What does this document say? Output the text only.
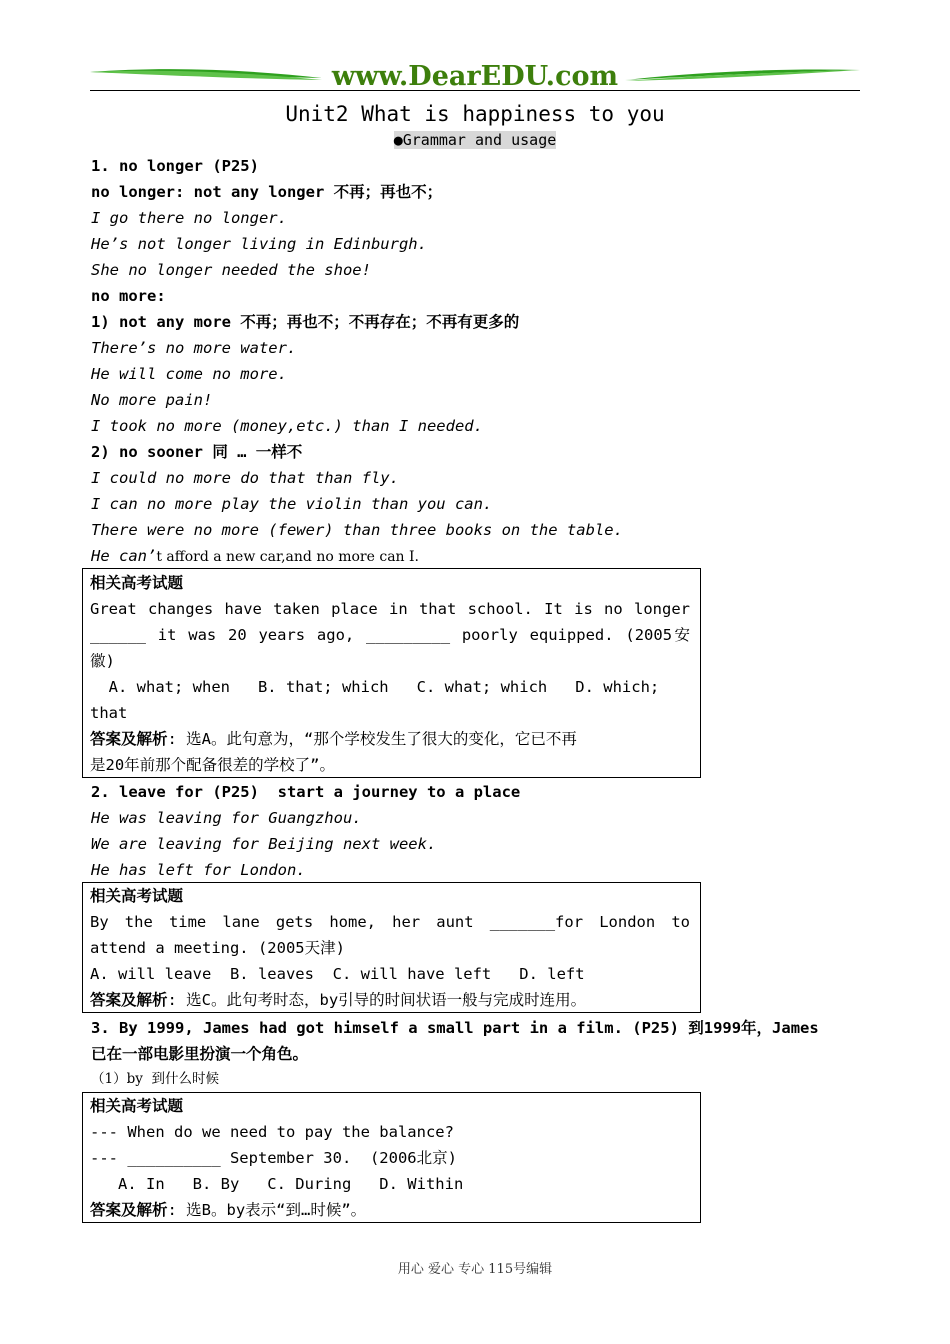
www.DearEDU.com
Unit2 What is happiness to you
●Grammar and usage
1. no longer (P25)
no longer: not any longer 不再；再也不；
I go there no longer.
He’s not longer living in Edinburgh.
She no longer needed the shoe!
no more:
1) not any more 不再；再也不；不再存在；不再有更多的
There’s no more water.
He will come no more.
No more pain!
I took no more (money,etc.) than I needed.
2) no sooner 同 … 一样不
I could no more do that than fly.
I can no more play the violin than you can.
There were no more (fewer) than three books on the table.
He can’t afford a new car,and no more can I.
相关高考试题
Great changes have taken place in that school. It is no longer
______ it was 20 years ago, _________ poorly equipped. (2005安
徽)
A. what; when   B. that; which   C. what; which   D. which;
that
答案及解析: 选A。此句意为，“那个学校发生了很大的变化，它已不再
是20年前那个配备很差的学校了”。
2. leave for (P25)  start a journey to a place
He was leaving for Guangzhou.
We are leaving for Beijing next week.
He has left for London.
相关高考试题
By the time lane gets home, her aunt _______for London to
attend a meeting. (2005天津)
A. will leave  B. leaves  C. will have left   D. left
答案及解析: 选C。此句考时态，by引导的时间状语一般与完成时连用。
3. By 1999, James had got himself a small part in a film. (P25) 到1999年，James
已在一部电影里扮演一个角色。
（1）by  到什么时候
相关高考试题
--- When do we need to pay the balance?
--- __________ September 30.  (2006北京)
A. In   B. By   C. During   D. Within
答案及解析: 选B。by表示“到…时候”。
用心 爱心 专心 115号编辑
